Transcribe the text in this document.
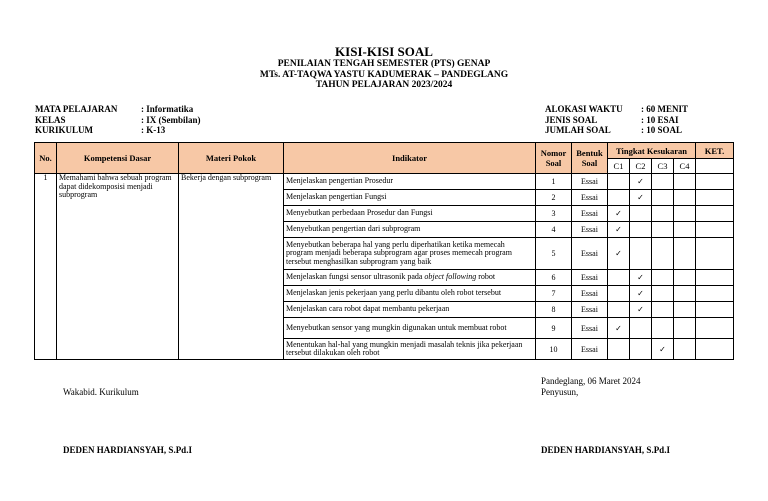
KISI-KISI SOAL
PENILAIAN TENGAH SEMESTER (PTS) GENAP
MTs. AT-TAQWA YASTU KADUMERAK – PANDEGLANG
TAHUN PELAJARAN 2023/2024
MATA PELAJARAN	: Informatika
KELAS	: IX (Sembilan)
KURIKULUM	: K-13
ALOKASI WAKTU	: 60 MENIT
JENIS SOAL	: 10 ESAI
JUMLAH SOAL	: 10 SOAL
No.	Kompetensi Dasar	Materi Pokok	Indikator	Nomor Soal	Bentuk Soal	Tingkat Kesukaran				KET.
						C1	C2	C3	C4	
1	Memahami bahwa sebuah program dapat didekomposisi menjadi subprogram	Bekerja dengan subprogram	Menjelaskan pengertian Prosedur	1	Essai		✓			
			Menjelaskan pengertian Fungsi	2	Essai		✓			
			Menyebutkan perbedaan Prosedur dan Fungsi	3	Essai	✓				
			Menyebutkan pengertian dari subprogram	4	Essai	✓				
			Menyebutkan beberapa hal yang perlu diperhatikan ketika memecah program menjadi beberapa subprogram agar proses memecah program tersebut menghasilkan subprogram yang baik	5	Essai	✓				
			Menjelaskan fungsi sensor ultrasonik pada object following robot	6	Essai		✓			
			Menjelaskan jenis pekerjaan yang perlu dibantu oleh robot tersebut	7	Essai		✓			
			Menjelaskan cara robot dapat membantu pekerjaan	8	Essai		✓			
			Menyebutkan sensor yang mungkin digunakan untuk membuat robot	9	Essai	✓				
			Menentukan hal-hal yang mungkin menjadi masalah teknis jika pekerjaan tersebut dilakukan oleh robot	10	Essai			✓		
Wakabid. Kurikulum
DEDEN HARDIANSYAH, S.Pd.I
Pandeglang, 06 Maret 2024
Penyusun,
DEDEN HARDIANSYAH, S.Pd.I
